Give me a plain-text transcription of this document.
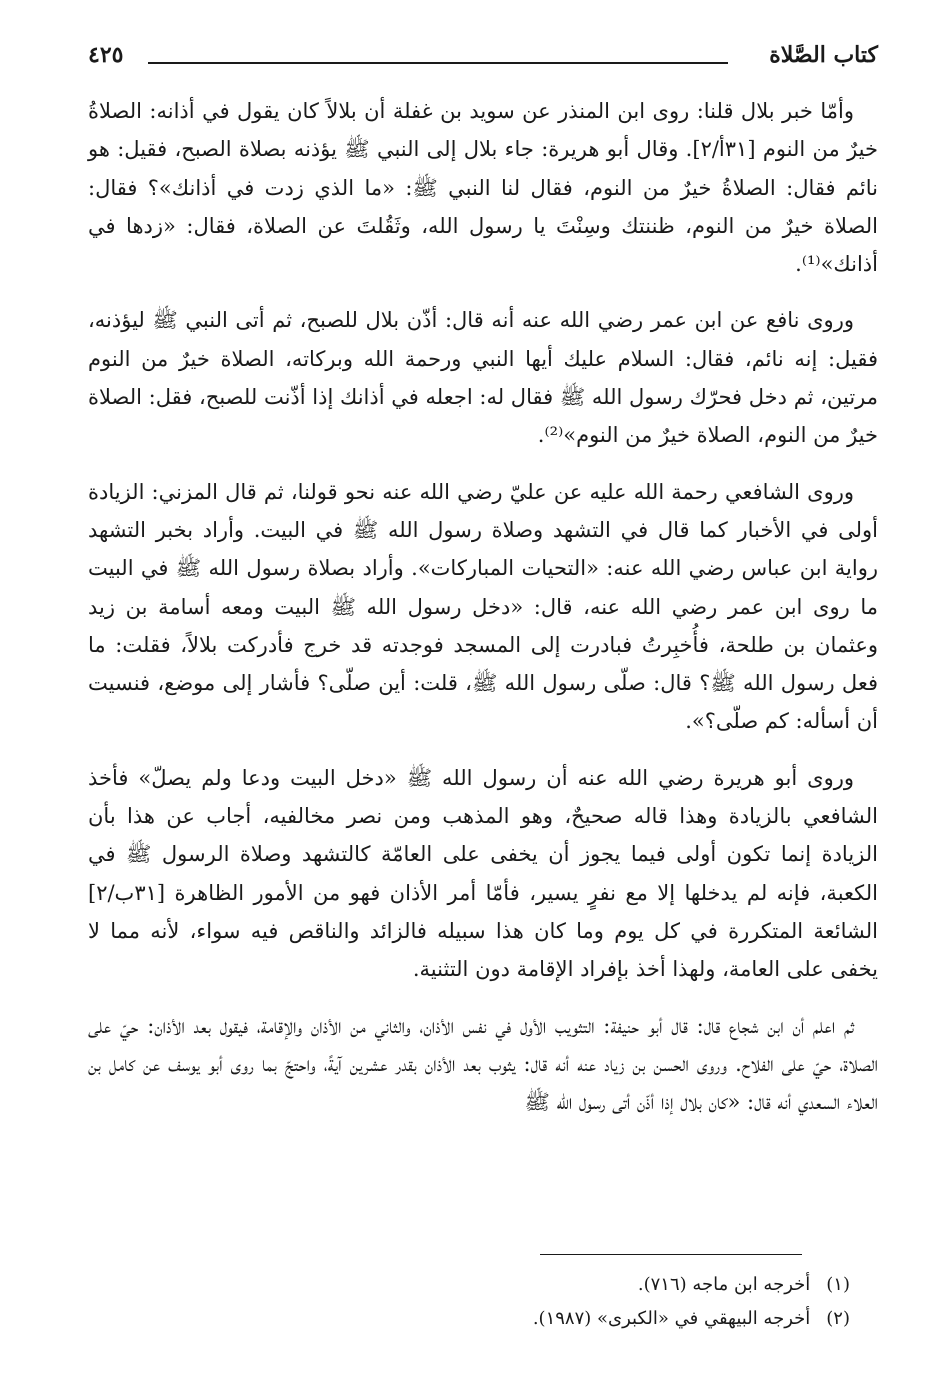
٤٢٥	كتاب الصَّلاة

وأمّا خبر بلال قلنا: روى ابن المنذر عن سويد بن غفلة أن بلالاً كان يقول في أذانه: الصلاةُ خيرٌ من النوم [٣١أ/٢]. وقال أبو هريرة: جاء بلال إلى النبي ﷺ يؤذنه بصلاة الصبح، فقيل: هو نائم فقال: الصلاةُ خيرٌ من النوم، فقال لنا النبي ﷺ: «ما الذي زدت في أذانك»؟ فقال: الصلاة خيرٌ من النوم، ظننتك وسِنْتَ يا رسول الله، وثَقُلتَ عن الصلاة، فقال: «زدها في أذانك»⁽¹⁾.

وروى نافع عن ابن عمر رضي الله عنه أنه قال: أذّن بلال للصبح، ثم أتى النبي ﷺ ليؤذنه، فقيل: إنه نائم، فقال: السلام عليك أيها النبي ورحمة الله وبركاته، الصلاة خيرٌ من النوم مرتين، ثم دخل فحرّك رسول الله ﷺ فقال له: اجعله في أذانك إذا أذّنت للصبح، فقل: الصلاة خيرٌ من النوم، الصلاة خيرٌ من النوم»⁽²⁾.

وروى الشافعي رحمة الله عليه عن عليّ رضي الله عنه نحو قولنا، ثم قال المزني: الزيادة أولى في الأخبار كما قال في التشهد وصلاة رسول الله ﷺ في البيت. وأراد بخبر التشهد رواية ابن عباس رضي الله عنه: «التحيات المباركات». وأراد بصلاة رسول الله ﷺ في البيت ما روى ابن عمر رضي الله عنه، قال: «دخل رسول الله ﷺ البيت ومعه أسامة بن زيد وعثمان بن طلحة، فأُخبِرتُ فبادرت إلى المسجد فوجدته قد خرج فأدركت بلالاً، فقلت: ما فعل رسول الله ﷺ؟ قال: صلّى رسول الله ﷺ، قلت: أين صلّى؟ فأشار إلى موضع، فنسيت أن أسأله: كم صلّى؟».

وروى أبو هريرة رضي الله عنه أن رسول الله ﷺ «دخل البيت ودعا ولم يصلّ» فأخذ الشافعي بالزيادة وهذا قاله صحيحٌ، وهو المذهب ومن نصر مخالفيه، أجاب عن هذا بأن الزيادة إنما تكون أولى فيما يجوز أن يخفى على العامّة كالتشهد وصلاة الرسول ﷺ في الكعبة، فإنه لم يدخلها إلا مع نفرٍ يسير، فأمّا أمر الأذان فهو من الأمور الظاهرة [٣١ب/٢] الشائعة المتكررة في كل يوم وما كان هذا سبيله فالزائد والناقص فيه سواء، لأنه مما لا يخفى على العامة، ولهذا أخذ بإفراد الإقامة دون التثنية.

ثم اعلم أن ابن شجاع قال: قال أبو حنيفة: التثويب الأول في نفس الأذان، والثاني من الأذان والإقامة، فيقول بعد الأذان: حيّ على الصلاة، حيّ على الفلاح. وروى الحسن بن زياد عنه أنه قال: يثوب بعد الأذان بقدر عشرين آيةً، واحتجّ بما روى أبو يوسف عن كامل بن العلاء السعدي أنه قال: «كان بلال إذا أذّن أتى رسول الله ﷺ

(١)
أخرجه ابن ماجه (٧١٦).
(٢)
أخرجه البيهقي في «الكبرى» (١٩٨٧).
